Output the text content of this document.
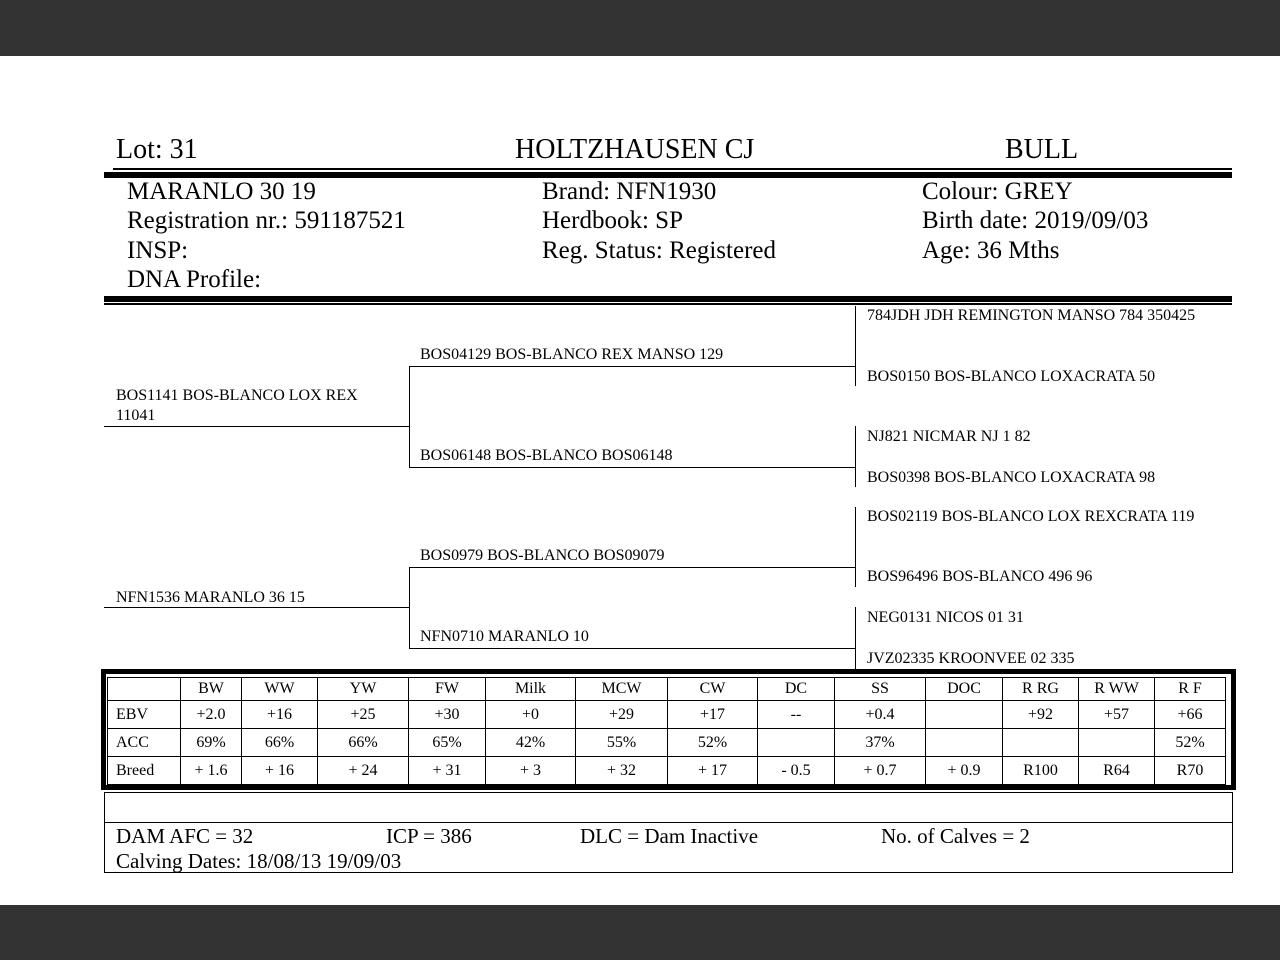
Lot: 31	HOLTZHAUSEN CJ	BULL
MARANLO 30 19
Registration nr.: 591187521
INSP:
DNA Profile:
Brand: NFN1930
Herdbook: SP
Reg. Status: Registered
Colour: GREY
Birth date: 2019/09/03
Age: 36 Mths
BOS1141 BOS-BLANCO LOX REX 11041
NFN1536 MARANLO 36 15
BOS04129 BOS-BLANCO REX MANSO 129
BOS06148 BOS-BLANCO BOS06148
BOS0979 BOS-BLANCO BOS09079
NFN0710 MARANLO 10
784JDH JDH REMINGTON MANSO 784 350425
BOS0150 BOS-BLANCO LOXACRATA 50
NJ821 NICMAR NJ 1 82
BOS0398 BOS-BLANCO LOXACRATA 98
BOS02119 BOS-BLANCO LOX REXCRATA 119
BOS96496 BOS-BLANCO 496 96
NEG0131 NICOS 01 31
JVZ02335 KROONVEE 02 335
	BW	WW	YW	FW	Milk	MCW	CW	DC	SS	DOC	R RG	R WW	R F
EBV	+2.0	+16	+25	+30	+0	+29	+17	--	+0.4		+92	+57	+66
ACC	69%	66%	66%	65%	42%	55%	52%		37%				52%
Breed	+ 1.6	+ 16	+ 24	+ 31	+ 3	+ 32	+ 17	- 0.5	+ 0.7	+ 0.9	R100	R64	R70
DAM AFC = 32	ICP = 386	DLC = Dam Inactive	No. of Calves = 2
Calving Dates: 18/08/13 19/09/03
